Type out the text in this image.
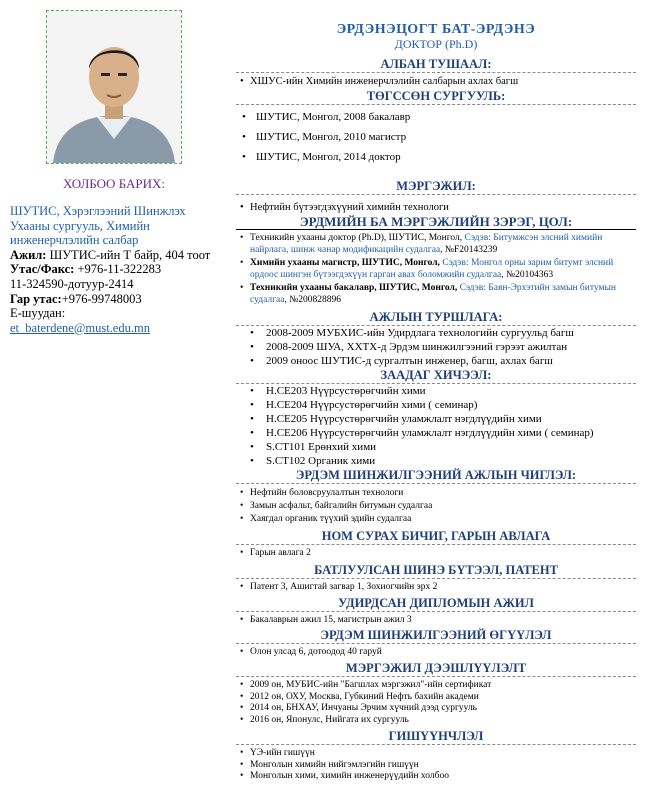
ХОЛБОО БАРИХ:
ШУТИС, Хэрэглээний Шинжлэх
Ухааны сургууль, Химийн
инженерчлэлийн салбар
Ажил: ШУТИС-ийн Т байр, 404 тоот
Утас/Факс: +976-11-322283
11-324590-дотуур-2414
Гар утас:+976-99748003
E-шуудан:
et_baterdene@must.edu.mn
ЭРДЭНЭЦОГТ БАТ-ЭРДЭНЭ
ДОКТОР (Ph.D)
АЛБАН ТУШААЛ:
• ХШУС-ийн Химийн инженерчлэлийн салбарын ахлах багш
ТӨГССӨН СУРГУУЛЬ:
• ШУТИС, Монгол, 2008 бакалавр
• ШУТИС, Монгол, 2010 магистр
• ШУТИС, Монгол, 2014 доктор
МЭРГЭЖИЛ:
• Нефтийн бүтээгдэхүүний химийн технологи
ЭРДМИЙН БА МЭРГЭЖЛИЙН ЗЭРЭГ, ЦОЛ:
• Техникийн ухааны доктор (Ph.D), ШУТИС, Монгол, Сэдэв: Битумжсэн элсний химийн найрлага, шинж чанар модификацийн судалгаа, №F20143239
• Химийн ухааны магистр, ШУТИС, Монгол, Сэдэв: Монгол орны зарим битумт элсний ордоос шингэн бүтээгдэхүүн гарган авах боломжийн судалгаа, №20104363
• Техникийн ухааны бакалавр, ШУТИС, Монгол, Сэдэв: Баян-Эрхэтийн замын битумын судалгаа, №200828896
АЖЛЫН ТУРШЛАГА:
• 2008-2009 МУБХИС-ийн Удирдлага технологийн сургуульд багш
• 2008-2009 ШУА, ХХТХ-д Эрдэм шинжилгээний гэрээт ажилтан
• 2009 оноос ШУТИС-д сургалтын инженер, багш, ахлах багш
ЗААДАГ ХИЧЭЭЛ:
• H.CE203 Нүүрсустөрөгчийн хими
• H.CE204 Нүүрсустөрөгчийн хими ( семинар)
• H.CE205 Нүүрсустөрөгчийн уламжлалт нэгдлүүдийн хими
• H.CE206 Нүүрсустөрөгчийн уламжлалт нэгдлүүдийн хими ( семинар)
• S.CT101 Ерөнхий хими
• S.CT102 Органик хими
ЭРДЭМ ШИНЖИЛГЭЭНИЙ АЖЛЫН ЧИГЛЭЛ:
• Нефтийн боловсруулалтын технологи
• Замын асфальт, байгалийн битумын судалгаа
• Хаягдал органик түүхий эдийн судалгаа
НОМ СУРАХ БИЧИГ, ГАРЫН АВЛАГА
• Гарын авлага 2
БАТЛУУЛСАН ШИНЭ БҮТЭЭЛ, ПАТЕНТ
• Патент 3, Ашигтай загвар 1, Зохиогчийн эрх 2
УДИРДСАН ДИПЛОМЫН АЖИЛ
• Бакалаврын ажил 15, магистрын ажил 3
ЭРДЭМ ШИНЖИЛГЭЭНИЙ ӨГҮҮЛЭЛ
• Олон улсад 6, дотоодод 40 гаруй
МЭРГЭЖИЛ ДЭЭШЛҮҮЛЭЛТ
• 2009 он, МУБИС-ийн "Багшлах мэргэжил"-ийн сертификат
• 2012 он, ОХУ, Москва, Губкиний Нефть бахийн академи
• 2014 он, БНХАУ, Инчуаны Эрчим хүчний дээд сургууль
• 2016 он, Японулс, Нийгата их сургууль
ГИШҮҮНЧЛЭЛ
• ҮЭ-ийн гишүүн
• Монголын химийн нийгэмлэгийн гишүүн
• Монголын хими, химийн инженерүүдийн холбоо
